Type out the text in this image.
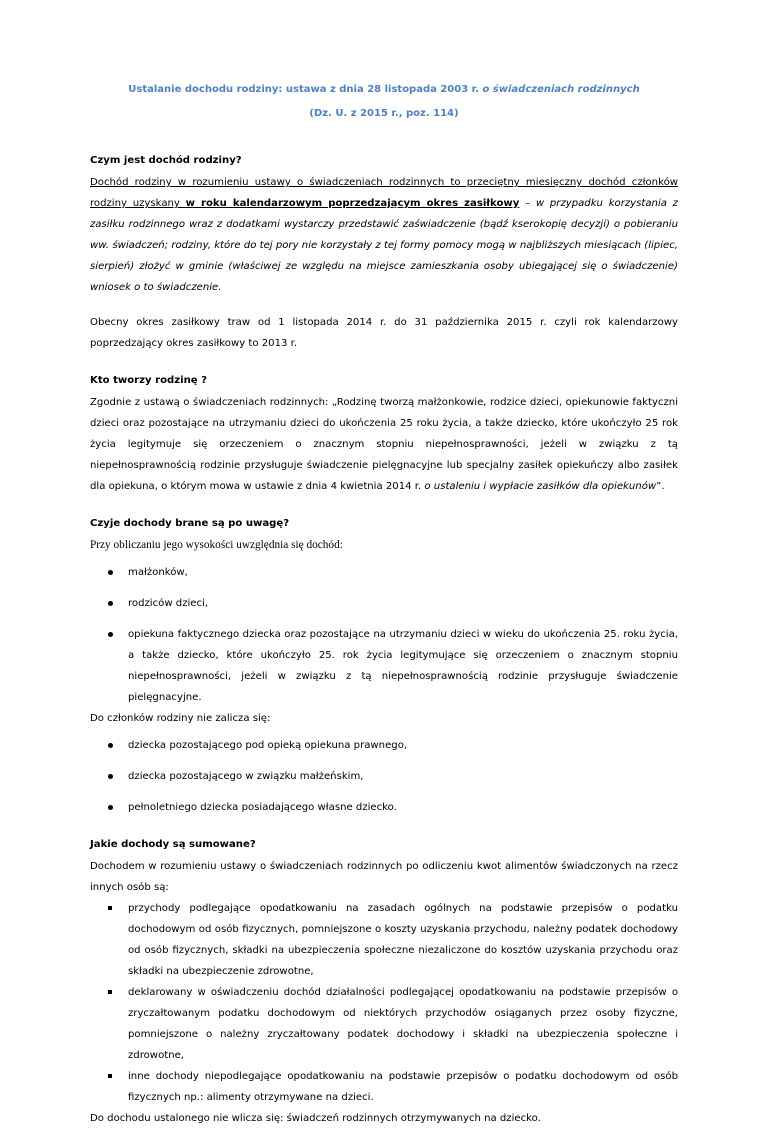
Ustalanie dochodu rodziny: ustawa z dnia 28 listopada 2003 r. o świadczeniach rodzinnych
(Dz. U. z 2015 r., poz. 114)
Czym jest dochód rodziny?

Dochód rodziny w rozumieniu ustawy o świadczeniach rodzinnych to przeciętny miesięczny dochód członków rodziny uzyskany w roku kalendarzowym poprzedzającym okres zasiłkowy – w przypadku korzystania z zasiłku rodzinnego wraz z dodatkami wystarczy przedstawić zaświadczenie (bądź kserokopię decyzji) o pobieraniu ww. świadczeń; rodziny, które do tej pory nie korzystały z tej formy pomocy mogą w najbliższych miesiącach (lipiec, sierpień) złożyć w gminie (właściwej ze względu na miejsce zamieszkania osoby ubiegającej się o świadczenie) wniosek o to świadczenie.

Obecny okres zasiłkowy traw od 1 listopada 2014 r. do 31 października 2015 r. czyli rok kalendarzowy poprzedzający okres zasiłkowy to 2013 r.

Kto tworzy rodzinę ?

Zgodnie z ustawą o świadczeniach rodzinnych: „Rodzinę tworzą małżonkowie, rodzice dzieci, opiekunowie faktyczni dzieci oraz pozostające na utrzymaniu dzieci do ukończenia 25 roku życia, a także dziecko, które ukończyło 25 rok życia legitymuje się orzeczeniem o znacznym stopniu niepełnosprawności, jeżeli w związku z tą niepełnosprawnością rodzinie przysługuje świadczenie pielęgnacyjne lub specjalny zasiłek opiekuńczy albo zasiłek dla opiekuna, o którym mowa w ustawie z dnia 4 kwietnia 2014 r. o ustaleniu i wypłacie zasiłków dla opiekunów”.

Czyje dochody brane są po uwagę?

Przy obliczaniu jego wysokości uwzględnia się dochód:

małżonków,
rodziców dzieci,
opiekuna faktycznego dziecka oraz pozostające na utrzymaniu dzieci w wieku do ukończenia 25. roku życia, a także dziecko, które ukończyło 25. rok życia legitymujące się orzeczeniem o znacznym stopniu niepełnosprawności, jeżeli w związku z tą niepełnosprawnością rodzinie przysługuje świadczenie pielęgnacyjne.

Do członków rodziny nie zalicza się:

dziecka pozostającego pod opieką opiekuna prawnego,
dziecka pozostającego w związku małżeńskim,
pełnoletniego dziecka posiadającego własne dziecko.
Jakie dochody są sumowane?

Dochodem w rozumieniu ustawy o świadczeniach rodzinnych po odliczeniu kwot alimentów świadczonych na rzecz innych osób są:

przychody podlegające opodatkowaniu na zasadach ogólnych na podstawie przepisów o podatku dochodowym od osób fizycznych, pomniejszone o koszty uzyskania przychodu, należny podatek dochodowy od osób fizycznych, składki na ubezpieczenia społeczne niezaliczone do kosztów uzyskania przychodu oraz składki na ubezpieczenie zdrowotne,
deklarowany w oświadczeniu dochód działalności podlegającej opodatkowaniu na podstawie przepisów o zryczałtowanym podatku dochodowym od niektórych przychodów osiąganych przez osoby fizyczne, pomniejszone o należny zryczałtowany podatek dochodowy i składki na ubezpieczenia społeczne i zdrowotne,
inne dochody niepodlegające opodatkowaniu na podstawie przepisów o podatku dochodowym od osób fizycznych np.: alimenty otrzymywane na dzieci.

Do dochodu ustalonego nie wlicza się: świadczeń rodzinnych otrzymywanych na dziecko.
